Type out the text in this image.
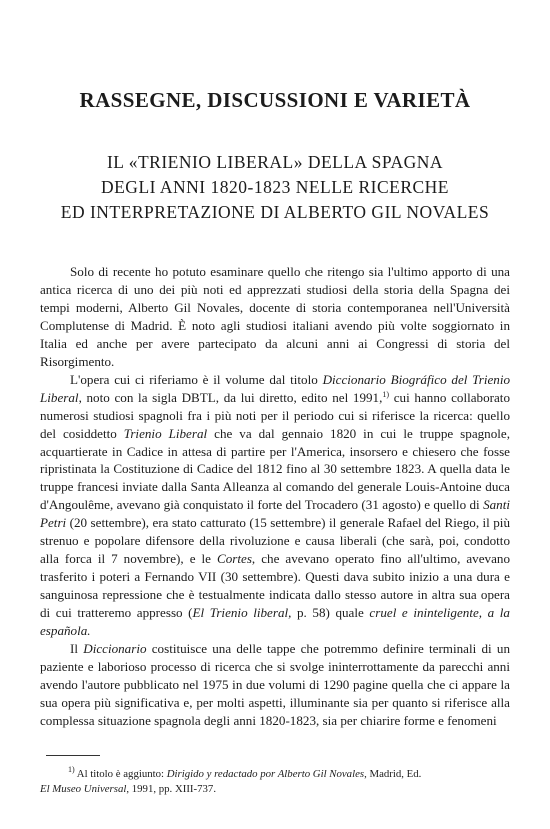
RASSEGNE, DISCUSSIONI E VARIETÀ
IL «TRIENIO LIBERAL» DELLA SPAGNA
DEGLI ANNI 1820-1823 NELLE RICERCHE
ED INTERPRETAZIONE DI ALBERTO GIL NOVALES

Solo di recente ho potuto esaminare quello che ritengo sia l'ultimo apporto di una antica ricerca di uno dei più noti ed apprezzati studiosi della storia della Spagna dei tempi moderni, Alberto Gil Novales, docente di storia contemporanea nell'Università Complutense di Madrid. È noto agli studiosi italiani avendo più volte soggiornato in Italia ed anche per avere partecipato da alcuni anni ai Congressi di storia del Risorgimento.

L'opera cui ci riferiamo è il volume dal titolo Diccionario Biográfico del Trienio Liberal, noto con la sigla DBTL, da lui diretto, edito nel 1991,$^{1)}$ cui hanno collaborato numerosi studiosi spagnoli fra i più noti per il periodo cui si riferisce la ricerca: quello del cosiddetto Trienio Liberal che va dal gennaio 1820 in cui le truppe spagnole, acquartierate in Cadice in attesa di partire per l'America, insorsero e chiesero che fosse ripristinata la Costituzione di Cadice del 1812 fino al 30 settembre 1823. A quella data le truppe francesi inviate dalla Santa Alleanza al comando del generale Louis-Antoine duca d'Angoulême, avevano già conquistato il forte del Trocadero (31 agosto) e quello di Santi Petri (20 settembre), era stato catturato (15 settembre) il generale Rafael del Riego, il più strenuo e popolare difensore della rivoluzione e causa liberali (che sarà, poi, condotto alla forca il 7 novembre), e le Cortes, che avevano operato fino all'ultimo, avevano trasferito i poteri a Fernando VII (30 settembre). Questi dava subito inizio a una dura e sanguinosa repressione che è testualmente indicata dallo stesso autore in altra sua opera di cui tratteremo appresso (El Trienio liberal, p. 58) quale cruel e ininteligente, a la española.

Il Diccionario costituisce una delle tappe che potremmo definire terminali di un paziente e laborioso processo di ricerca che si svolge ininterrottamente da parecchi anni avendo l'autore pubblicato nel 1975 in due volumi di 1290 pagine quella che ci appare la sua opera più significativa e, per molti aspetti, illuminante sia per quanto si riferisce alla complessa situazione spagnola degli anni 1820-1823, sia per chiarire forme e fenomeni

$^{1)}$ Al titolo è aggiunto: Dirigido y redactado por Alberto Gil Novales, Madrid, Ed.
El Museo Universal, 1991, pp. XIII-737.
